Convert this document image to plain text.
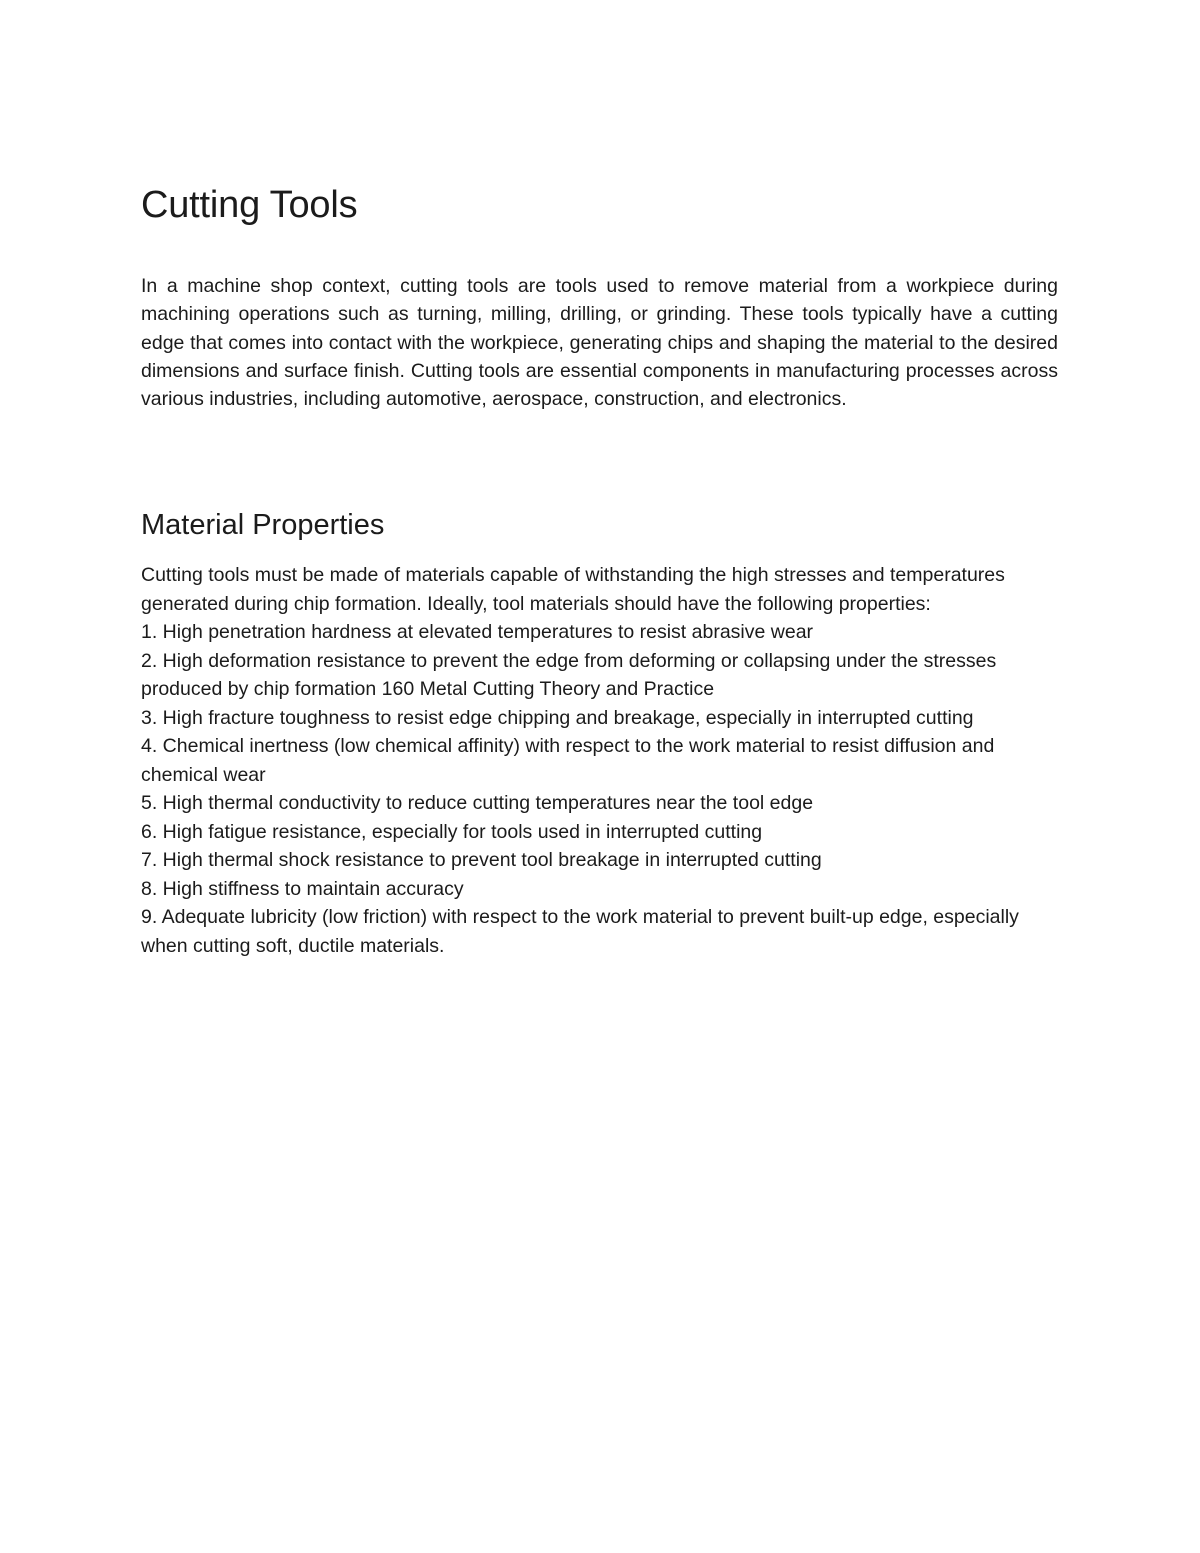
Cutting Tools

In a machine shop context, cutting tools are tools used to remove material from a workpiece during machining operations such as turning, milling, drilling, or grinding. These tools typically have a cutting edge that comes into contact with the workpiece, generating chips and shaping the material to the desired dimensions and surface finish. Cutting tools are essential components in manufacturing processes across various industries, including automotive, aerospace, construction, and electronics.

Material Properties

Cutting tools must be made of materials capable of withstanding the high stresses and temperatures generated during chip formation. Ideally, tool materials should have the following properties:

1. High penetration hardness at elevated temperatures to resist abrasive wear
2. High deformation resistance to prevent the edge from deforming or collapsing under the stresses produced by chip formation 160 Metal Cutting Theory and Practice
3. High fracture toughness to resist edge chipping and breakage, especially in interrupted cutting
4. Chemical inertness (low chemical affinity) with respect to the work material to resist diffusion and chemical wear
5. High thermal conductivity to reduce cutting temperatures near the tool edge
6. High fatigue resistance, especially for tools used in interrupted cutting
7. High thermal shock resistance to prevent tool breakage in interrupted cutting
8. High stiffness to maintain accuracy
9. Adequate lubricity (low friction) with respect to the work material to prevent built-up edge, especially when cutting soft, ductile materials.
